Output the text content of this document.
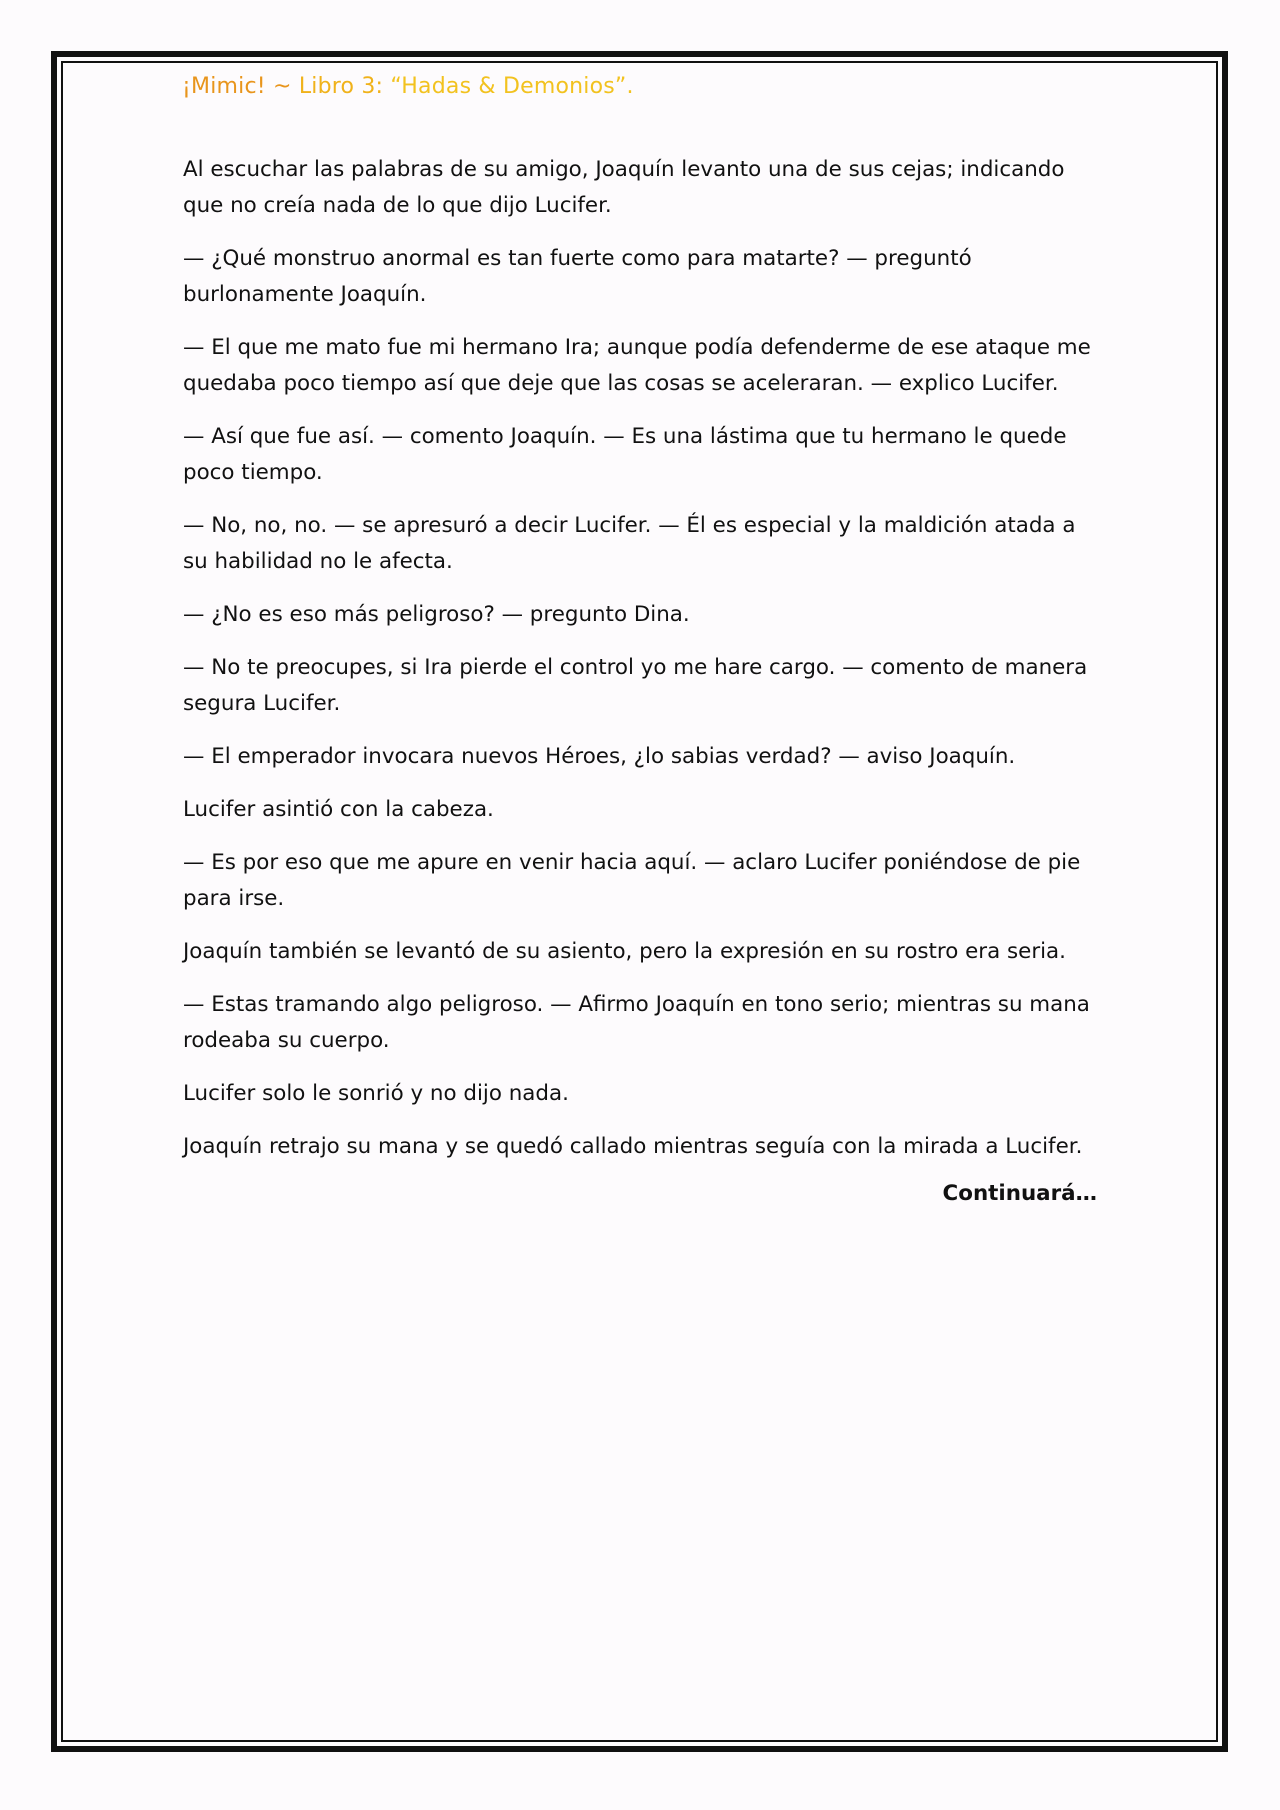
¡Mimic! ~ Libro 3: “Hadas & Demonios”.

Al escuchar las palabras de su amigo, Joaquín levanto una de sus cejas; indicando que no creía nada de lo que dijo Lucifer.

— ¿Qué monstruo anormal es tan fuerte como para matarte? — preguntó burlonamente Joaquín.

— El que me mato fue mi hermano Ira; aunque podía defenderme de ese ataque me quedaba poco tiempo así que deje que las cosas se aceleraran. — explico Lucifer.

— Así que fue así. — comento Joaquín. — Es una lástima que tu hermano le quede poco tiempo.

— No, no, no. — se apresuró a decir Lucifer. — Él es especial y la maldición atada a su habilidad no le afecta.

— ¿No es eso más peligroso? — pregunto Dina.

— No te preocupes, si Ira pierde el control yo me hare cargo. — comento de manera segura Lucifer.

— El emperador invocara nuevos Héroes, ¿lo sabias verdad? — aviso Joaquín.

Lucifer asintió con la cabeza.

— Es por eso que me apure en venir hacia aquí. — aclaro Lucifer poniéndose de pie para irse.

Joaquín también se levantó de su asiento, pero la expresión en su rostro era seria.

— Estas tramando algo peligroso. — Afirmo Joaquín en tono serio; mientras su mana rodeaba su cuerpo.

Lucifer solo le sonrió y no dijo nada.

Joaquín retrajo su mana y se quedó callado mientras seguía con la mirada a Lucifer.

Continuará…
